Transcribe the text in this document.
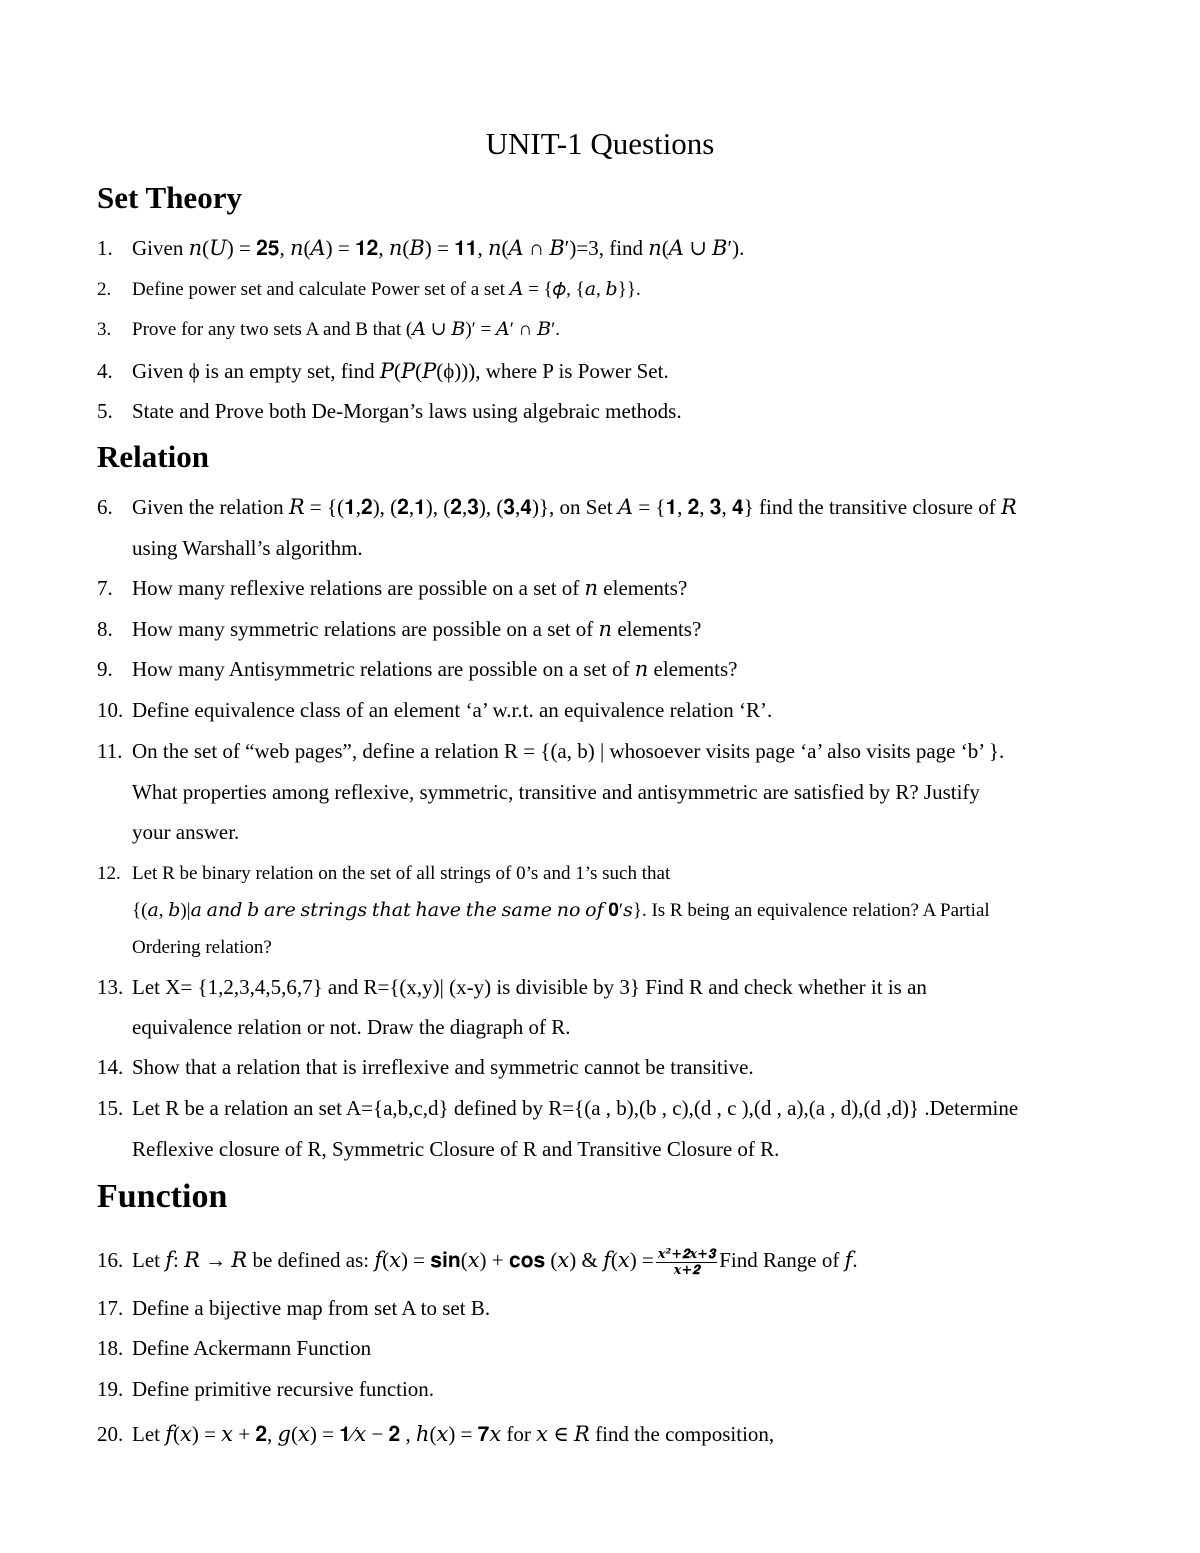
UNIT-1 Questions
Set Theory
1. Given 𝑛(𝑈) = 𝟐𝟓, 𝑛(𝐴) = 𝟏𝟐, 𝑛(𝐵) = 𝟏𝟏, 𝑛(𝐴 ∩ 𝐵′)=3, find 𝑛(𝐴 ∪ 𝐵′).
2. Define power set and calculate Power set of a set 𝐴 = {𝜙, {𝑎, 𝑏}}.
3. Prove for any two sets A and B that (𝐴 ∪ 𝐵)′ = 𝐴′ ∩ 𝐵′.
4. Given ϕ is an empty set, find 𝑃(𝑃(𝑃(ϕ))), where P is Power Set.
5. State and Prove both De-Morgan’s laws using algebraic methods.
Relation
6. Given the relation 𝑅 = {(𝟏,𝟐), (𝟐,𝟏), (𝟐,𝟑), (𝟑,𝟒)}, on Set 𝐴 = {𝟏, 𝟐, 𝟑, 𝟒} find the transitive closure of 𝑅
using Warshall’s algorithm.
7. How many reflexive relations are possible on a set of 𝑛 elements?
8. How many symmetric relations are possible on a set of 𝑛 elements?
9. How many Antisymmetric relations are possible on a set of 𝑛 elements?
10. Define equivalence class of an element ‘a’ w.r.t. an equivalence relation ‘R’.
11. On the set of “web pages”, define a relation R = {(a, b) | whosoever visits page ‘a’ also visits page ‘b’ }.
What properties among reflexive, symmetric, transitive and antisymmetric are satisfied by R? Justify
your answer.
12. Let R be binary relation on the set of all strings of 0’s and 1’s such that
{(𝑎, 𝑏)|𝑎 𝑎𝑛𝑑 𝑏 𝑎𝑟𝑒 𝑠𝑡𝑟𝑖𝑛𝑔𝑠 𝑡ℎ𝑎𝑡 ℎ𝑎𝑣𝑒 𝑡ℎ𝑒 𝑠𝑎𝑚𝑒 𝑛𝑜 𝑜𝑓 𝟎′𝑠}. Is R being an equivalence relation? A Partial
Ordering relation?
13. Let X= {1,2,3,4,5,6,7} and R={(x,y)| (x-y) is divisible by 3} Find R and check whether it is an
equivalence relation or not. Draw the diagraph of R.
14. Show that a relation that is irreflexive and symmetric cannot be transitive.
15. Let R be a relation an set A={a,b,c,d} defined by R={(a , b),(b , c),(d , c ),(d , a),(a , d),(d ,d)} .Determine
Reflexive closure of R, Symmetric Closure of R and Transitive Closure of R.
Function
16. Let 𝑓: 𝑅 → 𝑅 be defined as: 𝑓(𝑥) = 𝐬𝐢𝐧(𝑥) + 𝐜𝐨𝐬 (𝑥) & 𝑓(𝑥) = $\frac{\text{𝒙²+𝟐𝒙+𝟑}}{\text{𝒙+𝟐}}$ Find Range of 𝑓.
17. Define a bijective map from set A to set B.
18. Define Ackermann Function
19. Define primitive recursive function.
20. Let 𝑓(𝑥) = 𝑥 + 𝟐, 𝑔(𝑥) = 𝟏⁄𝑥 − 𝟐 , ℎ(𝑥) = 𝟕𝑥 for 𝑥 ∈ 𝑅 find the composition,
